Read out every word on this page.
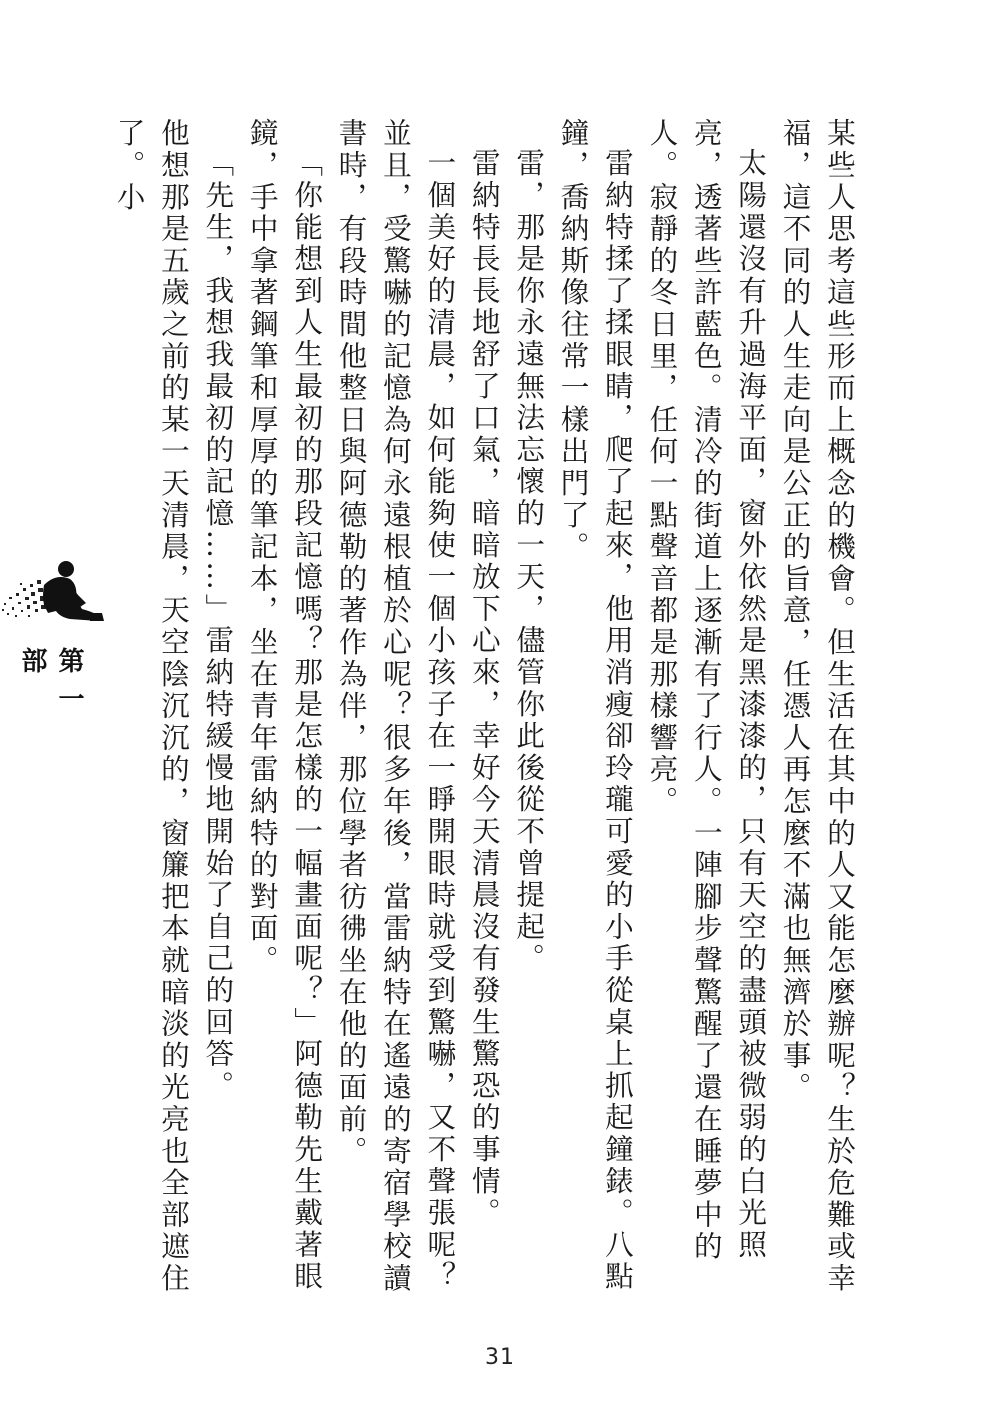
某些人思考這些形而上概念的機會。但生活在其中的人又能怎麼辦呢？生於危難或幸福，這不同的人生走向是公正的旨意，任憑人再怎麼不滿也無濟於事。

太陽還沒有升過海平面，窗外依然是黑漆漆的，只有天空的盡頭被微弱的白光照亮，透著些許藍色。清冷的街道上逐漸有了行人。一陣腳步聲驚醒了還在睡夢中的人。寂靜的冬日里，任何一點聲音都是那樣響亮。

雷納特揉了揉眼睛，爬了起來，他用消瘦卻玲瓏可愛的小手從桌上抓起鐘錶。八點鐘，喬納斯像往常一樣出門了。

雷，那是你永遠無法忘懷的一天，儘管你此後從不曾提起。

雷納特長長地舒了口氣，暗暗放下心來，幸好今天清晨沒有發生驚恐的事情。

一個美好的清晨，如何能夠使一個小孩子在一睜開眼時就受到驚嚇，又不聲張呢？並且，受驚嚇的記憶為何永遠根植於心呢？很多年後，當雷納特在遙遠的寄宿學校讀書時，有段時間他整日與阿德勒的著作為伴，那位學者彷彿坐在他的面前。

「你能想到人生最初的那段記憶嗎？那是怎樣的一幅畫面呢？」阿德勒先生戴著眼鏡，手中拿著鋼筆和厚厚的筆記本，坐在青年雷納特的對面。

「先生，我想我最初的記憶……」雷納特緩慢地開始了自己的回答。

他想那是五歲之前的某一天清晨，天空陰沉沉的，窗簾把本就暗淡的光亮也全部遮住了。小

第一部
31
